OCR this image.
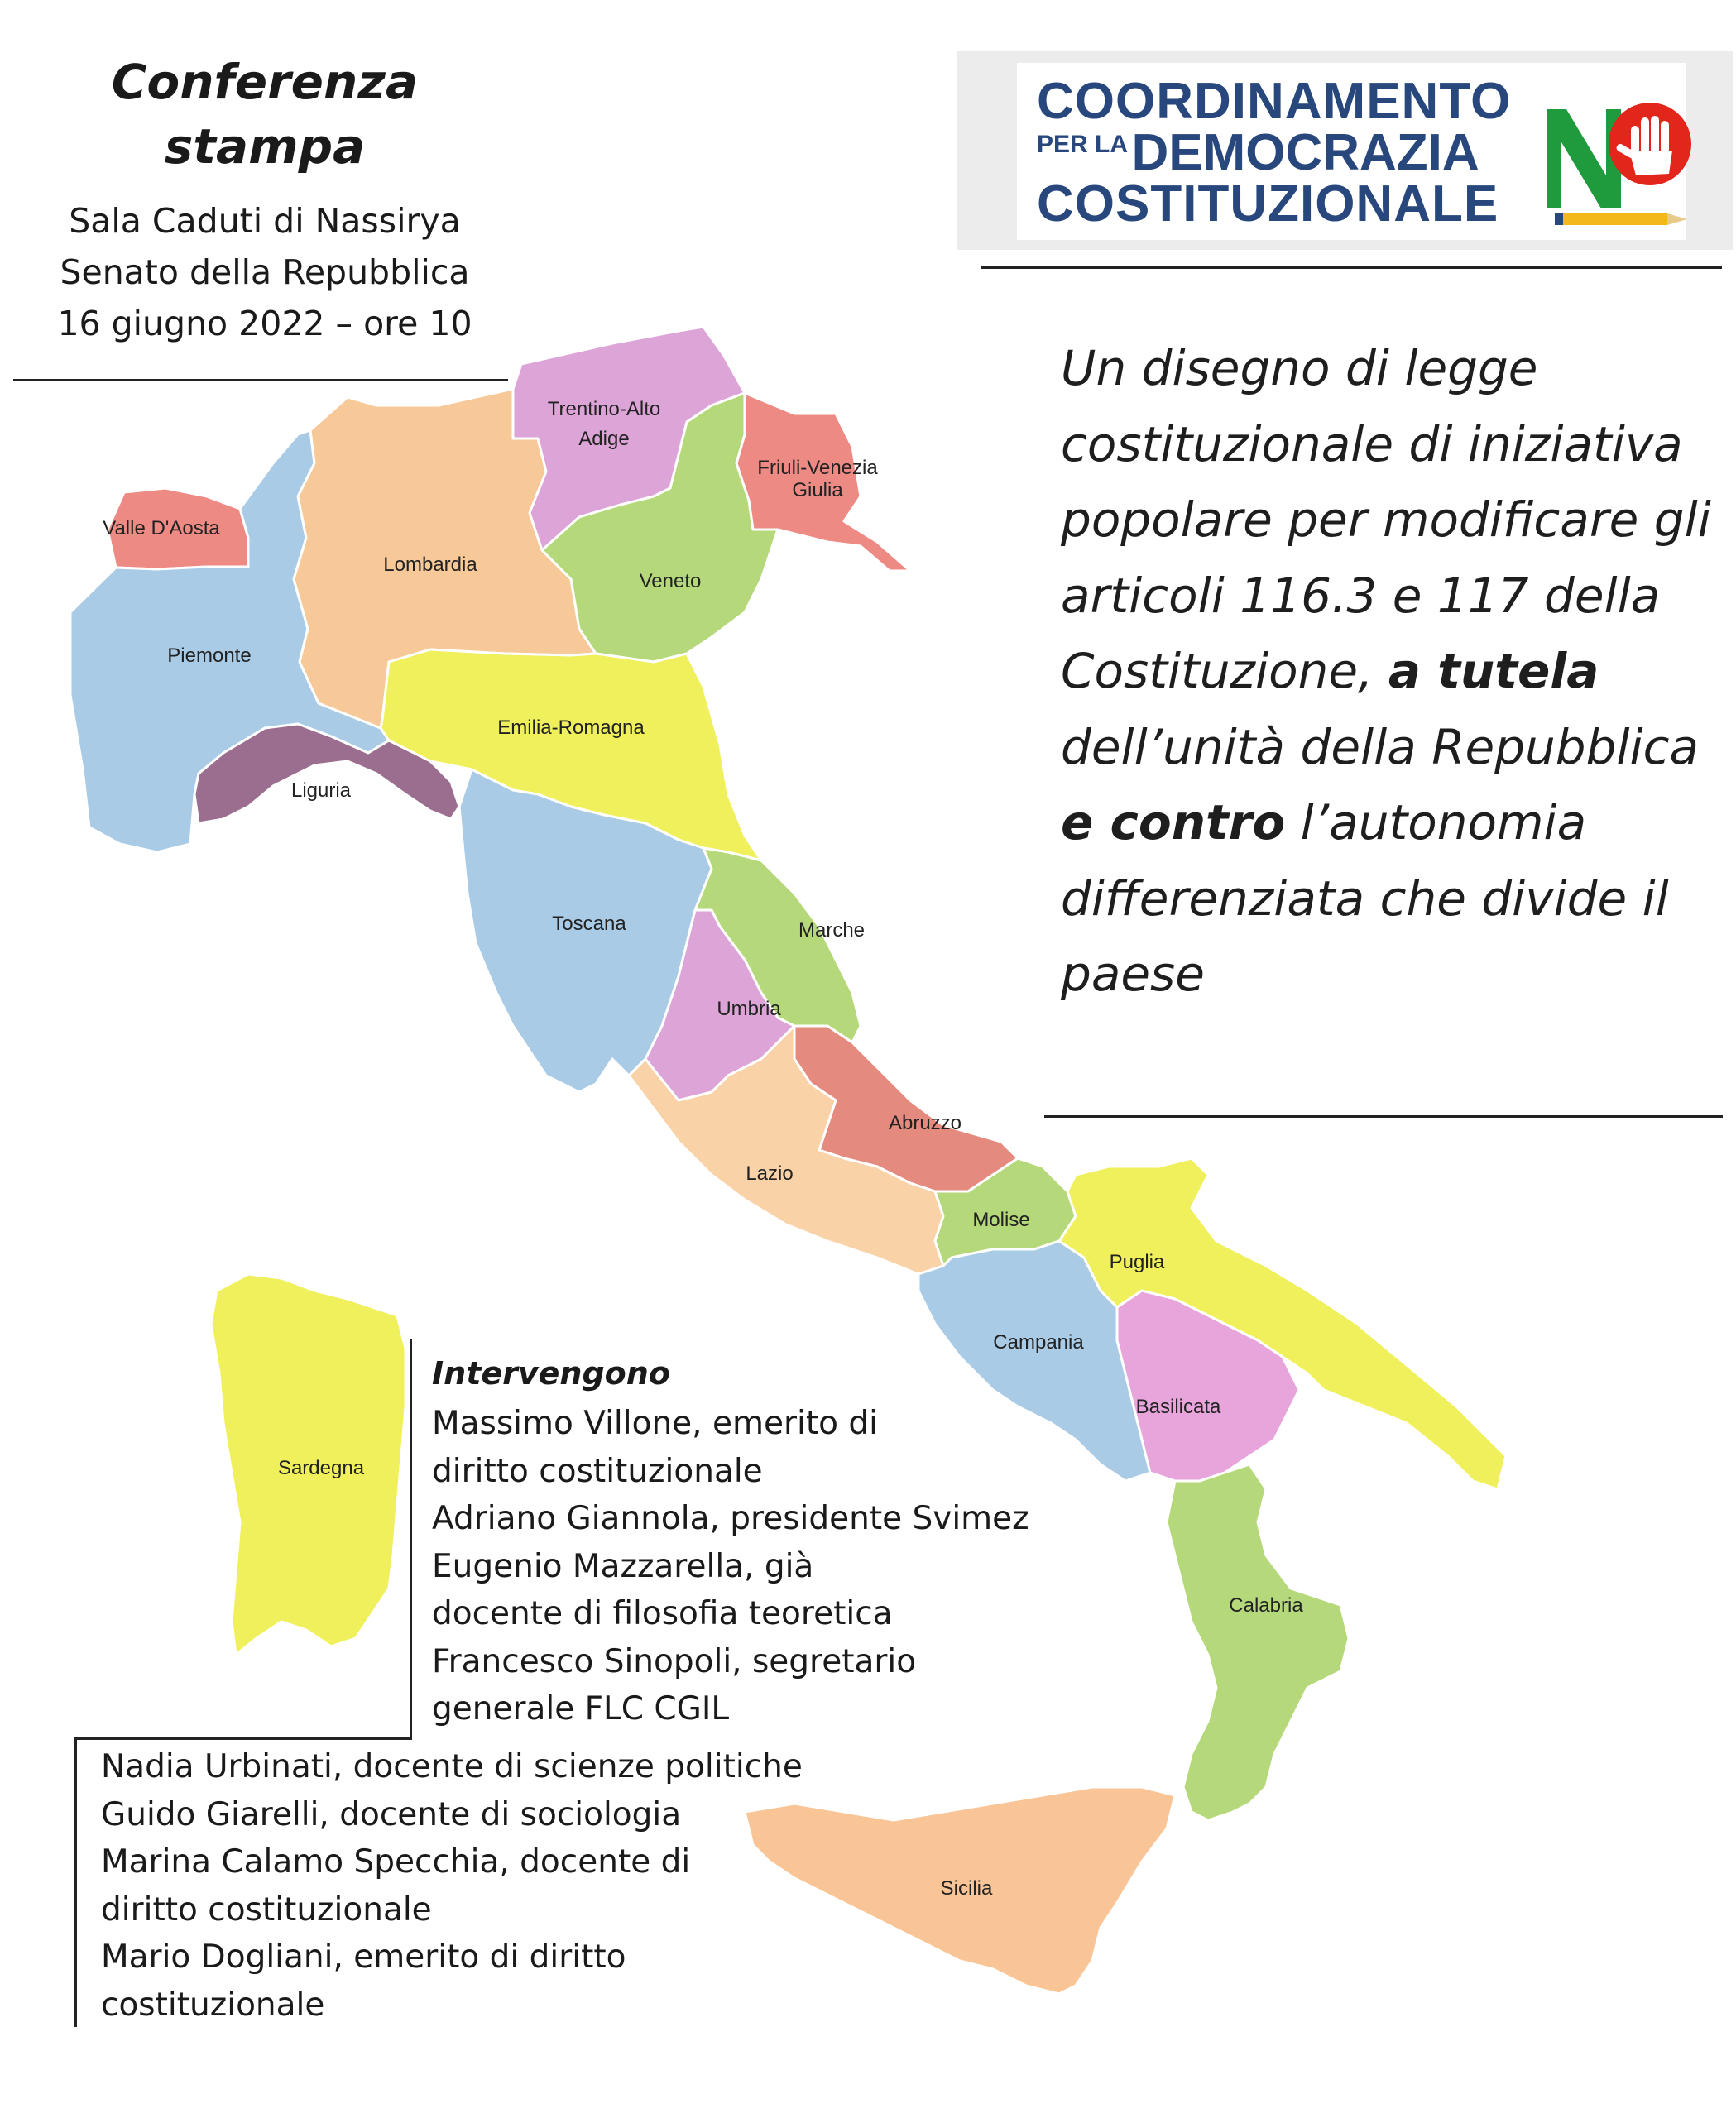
Valle D'Aosta
Piemonte
Lombardia
Trentino-Alto
Adige
Friuli-Venezia
Giulia
Veneto
Emilia-Romagna
Liguria
Toscana	Marche
Umbria
Abruzzo
Lazio
Molise
Campania
Puglia
Basilicata
Calabria
Sicilia
Sardegna
Conferenza
stampa
Sala Caduti di Nassirya
Senato della Repubblica
16 giugno 2022 – ore 10
COORDINAMENTO
PER LA DEMOCRAZIA
COSTITUZIONALE
Un disegno di legge costituzionale di iniziativa popolare per modificare gli articoli 116.3 e 117 della Costituzione, a tutela dell’unità della Repubblica e contro l’autonomia differenziata che divide il paese
Intervengono
Massimo Villone, emerito di
diritto costituzionale
Adriano Giannola, presidente Svimez
Eugenio Mazzarella, già
docente di filosofia teoretica
Francesco Sinopoli, segretario
generale FLC CGIL
Nadia Urbinati, docente di scienze politiche
Guido Giarelli, docente di sociologia
Marina Calamo Specchia, docente di
diritto costituzionale
Mario Dogliani, emerito di diritto
costituzionale
